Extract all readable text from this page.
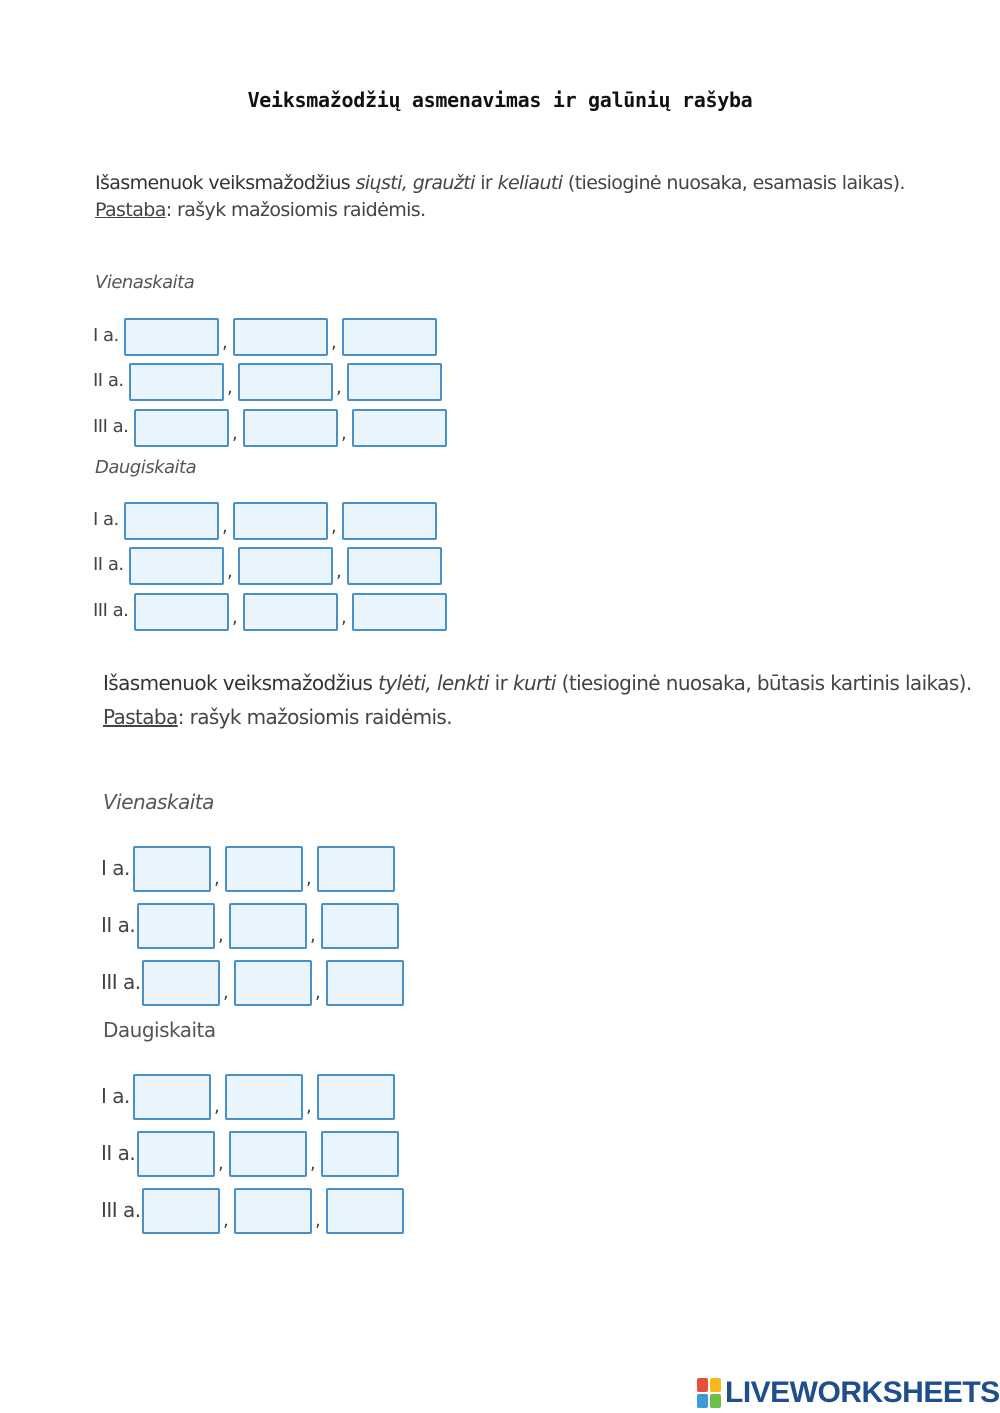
Veiksmažodžių asmenavimas ir galūnių rašyba
Išasmenuok veiksmažodžius siųsti, graužti ir keliauti (tiesioginė nuosaka, esamasis laikas). Pastaba: rašyk mažosiomis raidėmis.
Vienaskaita
Daugiskaita
Išasmenuok veiksmažodžius tylėti, lenkti ir kurti (tiesioginė nuosaka, būtasis kartinis laikas). Pastaba: rašyk mažosiomis raidėmis.
Vienaskaita
Daugiskaita
I a.	,	,
II a.	,	,
III a.	,	,
I a.	,	,
II a.	,	,
III a.	,	,
I a.	,	,
II a.	,	,
III a.	,	,
I a.	,	,
II a.	,	,
III a.	,	,
LIVEWORKSHEETS
